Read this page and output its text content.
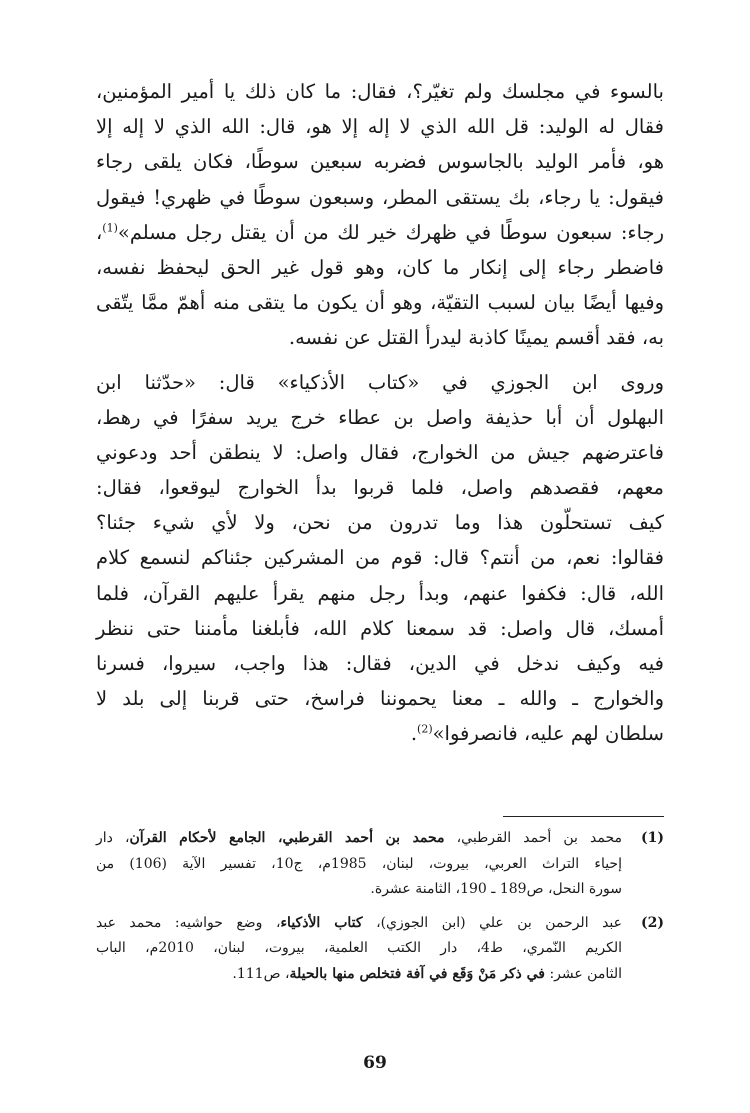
بالسوء في مجلسك ولم تغيّر؟، فقال: ما كان ذلك يا أمير المؤمنين،
فقال له الوليد: قل الله الذي لا إله إلا هو، قال: الله الذي لا إله إلا
هو، فأمر الوليد بالجاسوس فضربه سبعين سوطًا، فكان يلقى رجاء
فيقول: يا رجاء، بك يستقى المطر، وسبعون سوطًا في ظهري! فيقول
رجاء: سبعون سوطًا في ظهرك خير لك من أن يقتل رجل مسلم»$^{(1)}$،
فاضطر رجاء إلى إنكار ما كان، وهو قول غير الحق ليحفظ نفسه،
وفيها أيضًا بيان لسبب التقيّة، وهو أن يكون ما يتقى منه أهمّ ممَّا يتّقى
به، فقد أقسم يمينًا كاذبة ليدرأ القتل عن نفسه.
وروى ابن الجوزي في «كتاب الأذكياء» قال: «حدّثنا ابن
البهلول أن أبا حذيفة واصل بن عطاء خرج يريد سفرًا في رهط،
فاعترضهم جيش من الخوارج، فقال واصل: لا ينطقن أحد ودعوني
معهم، فقصدهم واصل، فلما قربوا بدأ الخوارج ليوقعوا، فقال:
كيف تستحلّون هذا وما تدرون من نحن، ولا لأي شيء جئنا؟
فقالوا: نعم، من أنتم؟ قال: قوم من المشركين جئناكم لنسمع كلام
الله، قال: فكفوا عنهم، وبدأ رجل منهم يقرأ عليهم القرآن، فلما
أمسك، قال واصل: قد سمعنا كلام الله، فأبلغنا مأمننا حتى ننظر
فيه وكيف ندخل في الدين، فقال: هذا واجب، سيروا، فسرنا
والخوارج ـ والله ـ معنا يحموننا فراسخ، حتى قربنا إلى بلد لا
سلطان لهم عليه، فانصرفوا»$^{(2)}$.
(1)
محمد بن أحمد القرطبي، محمد بن أحمد القرطبي، الجامع لأحكام القرآن، دار
إحياء التراث العربي، بيروت، لبنان، 1985م، ج10، تفسير الآية (106) من
سورة النحل، ص189 ـ 190، الثامنة عشرة.
(2)
عبد الرحمن بن علي (ابن الجوزي)، كتاب الأذكياء، وضع حواشيه: محمد عبد
الكريم النّمري، ط4، دار الكتب العلمية، بيروت، لبنان، 2010م، الباب
الثامن عشر: في ذكر مَنْ وَقَع في آفة فتخلص منها بالحيلة، ص111.
69
